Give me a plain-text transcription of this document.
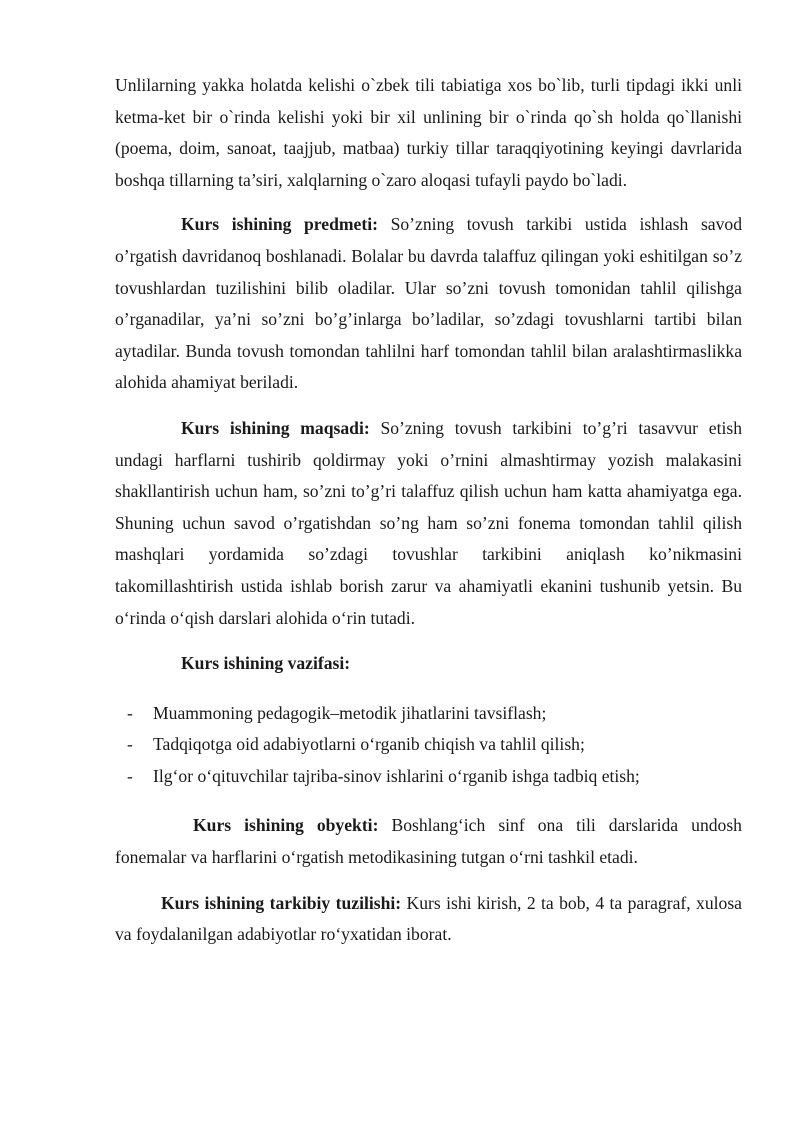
Unlilarning yakka holatda kelishi o`zbek tili tabiatiga xos bo`lib, turli tipdagi ikki unli ketma-ket bir o`rinda kelishi yoki bir xil unlining bir o`rinda qo`sh holda qo`llanishi (poema, doim, sanoat, taajjub, matbaa) turkiy tillar taraqqiyotining keyingi davrlarida boshqa tillarning ta’siri, xalqlarning o`zaro aloqasi tufayli paydo bo`ladi.

Kurs ishining predmeti: So’zning tovush tarkibi ustida ishlash savod o’rgatish davridanoq boshlanadi. Bolalar bu davrda talaffuz qilingan yoki eshitilgan so’z tovushlardan tuzilishini bilib oladilar. Ular so’zni tovush tomonidan tahlil qilishga o’rganadilar, ya’ni so’zni bo’g’inlarga bo’ladilar, so’zdagi tovushlarni tartibi bilan aytadilar. Bunda tovush tomondan tahlilni harf tomondan tahlil bilan aralashtirmaslikka alohida ahamiyat beriladi.

Kurs ishining maqsadi: So’zning tovush tarkibini to’g’ri tasavvur etish undagi harflarni tushirib qoldirmay yoki o’rnini almashtirmay yozish malakasini shakllantirish uchun ham, so’zni to’g’ri talaffuz qilish uchun ham katta ahamiyatga ega. Shuning uchun savod o’rgatishdan so’ng ham so’zni fonema tomondan tahlil qilish mashqlari yordamida so’zdagi tovushlar tarkibini aniqlash ko’nikmasini takomillashtirish ustida ishlab borish zarur va ahamiyatli ekanini tushunib yetsin. Bu o‘rinda o‘qish darslari alohida o‘rin tutadi.

Kurs ishining vazifasi:

- Muammoning pedagogik–metodik jihatlarini tavsiflash;
- Tadqiqotga oid adabiyotlarni o‘rganib chiqish va tahlil qilish;
- Ilg‘or o‘qituvchilar tajriba-sinov ishlarini o‘rganib ishga tadbiq etish;

Kurs ishining obyekti: Boshlang‘ich sinf ona tili darslarida undosh fonemalar va harflarini o‘rgatish metodikasining tutgan o‘rni tashkil etadi.

Kurs ishining tarkibiy tuzilishi: Kurs ishi kirish, 2 ta bob, 4 ta paragraf, xulosa va foydalanilgan adabiyotlar ro‘yxatidan iborat.
